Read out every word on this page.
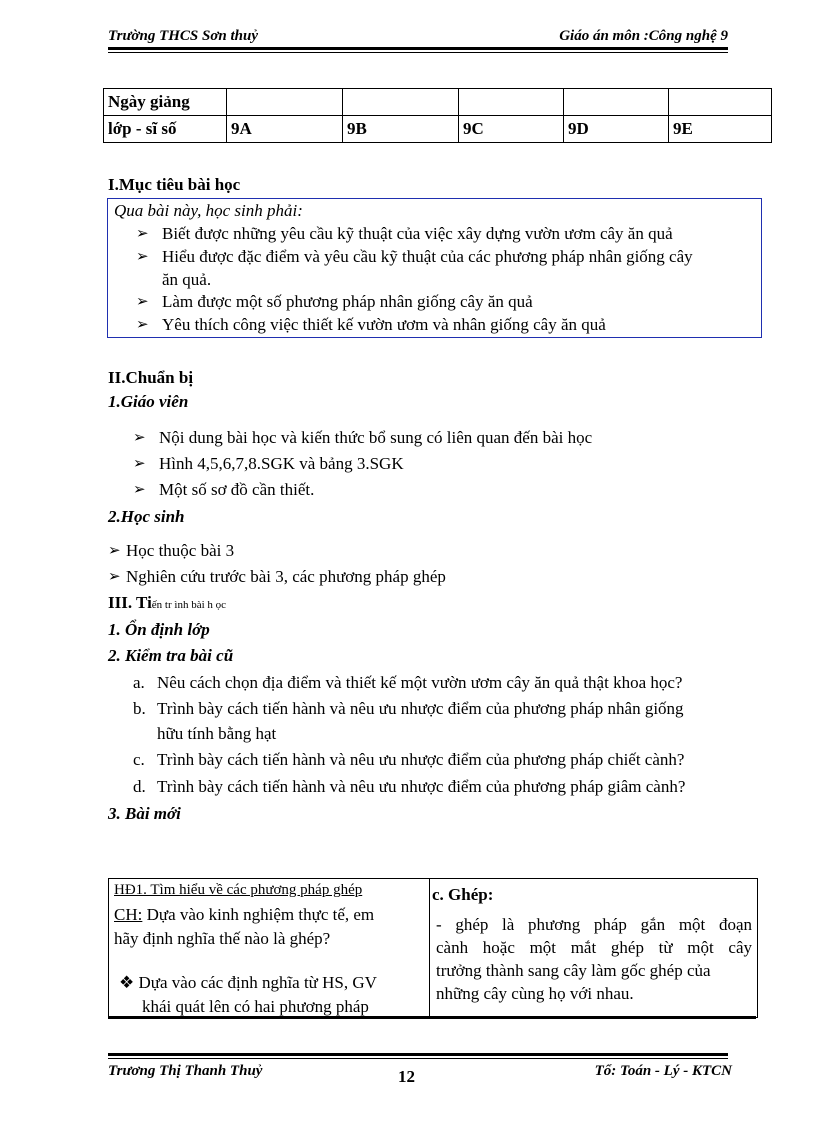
Trường THCS Sơn thuỷ	Giáo án môn :Công nghệ 9
Ngày giảng					
lớp - sĩ số	9A	9B	9C	9D	9E
I.Mục tiêu bài học
Qua bài này, học sinh phải:
➢ Biết được những yêu cầu kỹ thuật của việc xây dựng vườn ươm cây ăn quả
➢ Hiểu được đặc điểm và yêu cầu kỹ thuật của các phương pháp nhân giống cây
ăn quả.
➢ Làm được một số phương pháp nhân giống cây ăn quả
➢ Yêu thích công việc thiết kế vườn ươm và nhân giống cây ăn quả
II.Chuẩn bị
1.Giáo viên
➢ Nội dung bài học và kiến thức bổ sung có liên quan đến bài học
➢ Hình 4,5,6,7,8.SGK và bảng 3.SGK
➢ Một số sơ đồ cần thiết.
2.Học sinh
➢ Học thuộc bài 3
➢ Nghiên cứu trước bài 3, các phương pháp ghép
III. Tiến tr ình bài h ọc
1. Ổn định lớp
2. Kiểm tra bài cũ
a. Nêu cách chọn địa điểm và thiết kế một vườn ươm cây ăn quả thật khoa học?
b. Trình bày cách tiến hành và nêu ưu nhược điểm của phương pháp nhân giống
hữu tính bằng hạt
c. Trình bày cách tiến hành và nêu ưu nhược điểm của phương pháp chiết cành?
d. Trình bày cách tiến hành và nêu ưu nhược điểm của phương pháp giâm cành?
3. Bài mới
HĐ1. Tìm hiểu về các phương pháp ghép
CH: Dựa vào kinh nghiệm thực tế, em
hãy định nghĩa thế nào là ghép?
❖ Dựa vào các định nghĩa từ HS, GV
khái quát lên có hai phương pháp
c. Ghép:
- ghép là phương pháp gắn một đoạn
cành hoặc một mắt ghép từ một cây
trưởng thành sang cây làm gốc ghép của
những cây cùng họ với nhau.
Trương Thị Thanh Thuỷ	12	Tổ: Toán - Lý - KTCN
